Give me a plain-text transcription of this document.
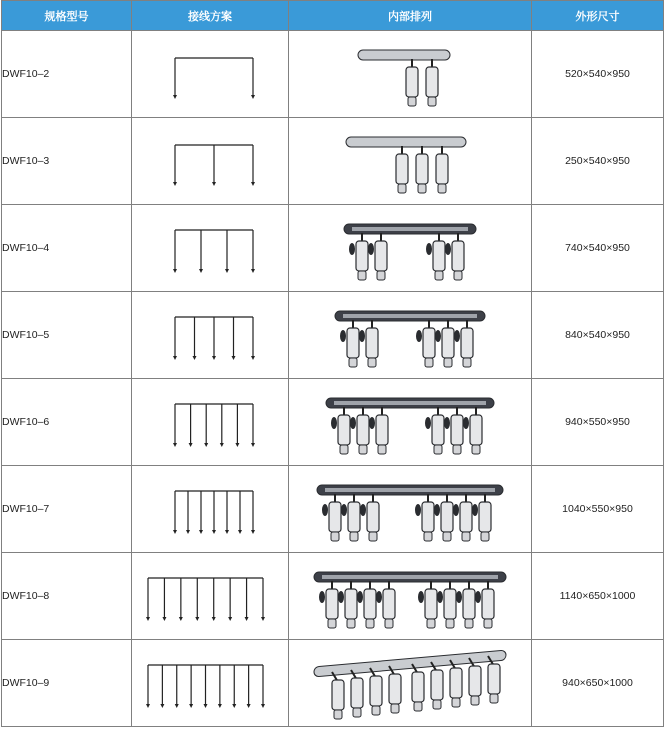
规格型号	接线方案	内部排列	外形尺寸
DWF10–2			520×540×950
DWF10–3			250×540×950
DWF10–4			740×540×950
DWF10–5			840×540×950
DWF10–6			940×550×950
DWF10–7			1040×550×950
DWF10–8			1140×650×1000
DWF10–9			940×650×1000
